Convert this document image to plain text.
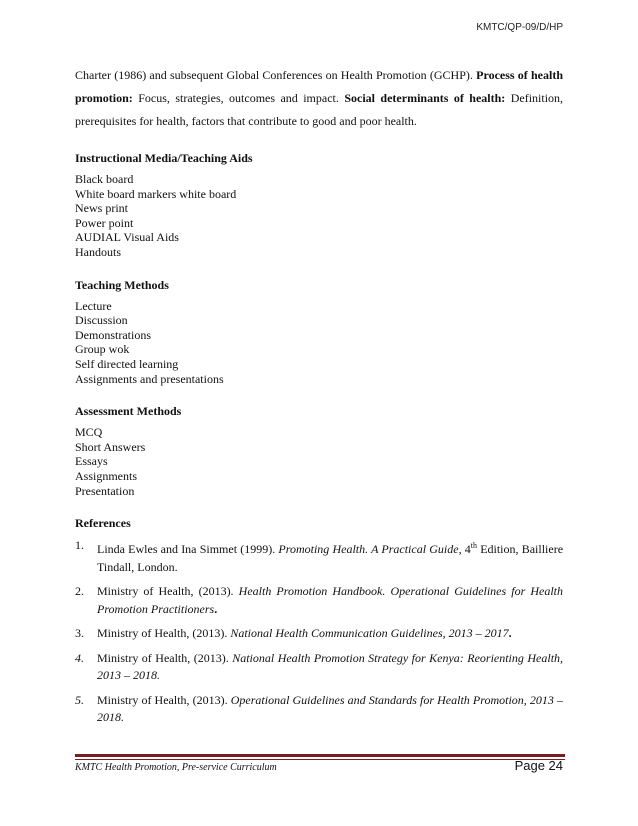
KMTC/QP-09/D/HP

Charter (1986) and subsequent Global Conferences on Health Promotion (GCHP). Process of health promotion: Focus, strategies, outcomes and impact. Social determinants of health: Definition, prerequisites for health, factors that contribute to good and poor health.

Instructional Media/Teaching Aids
Black board
White board markers white board
News print
Power point
AUDIAL Visual Aids
Handouts
Teaching Methods
Lecture
Discussion
Demonstrations
Group wok
Self directed learning
Assignments and presentations
Assessment Methods
MCQ
Short Answers
Essays
Assignments
Presentation
References
1. Linda Ewles and Ina Simmet (1999). Promoting Health. A Practical Guide, 4th Edition, Bailliere Tindall, London.
2. Ministry of Health, (2013). Health Promotion Handbook. Operational Guidelines for Health Promotion Practitioners.
3. Ministry of Health, (2013). National Health Communication Guidelines, 2013 – 2017.
4. Ministry of Health, (2013). National Health Promotion Strategy for Kenya: Reorienting Health, 2013 – 2018.
5. Ministry of Health, (2013). Operational Guidelines and Standards for Health Promotion, 2013 – 2018.
KMTC Health Promotion, Pre-service Curriculum	Page 24
